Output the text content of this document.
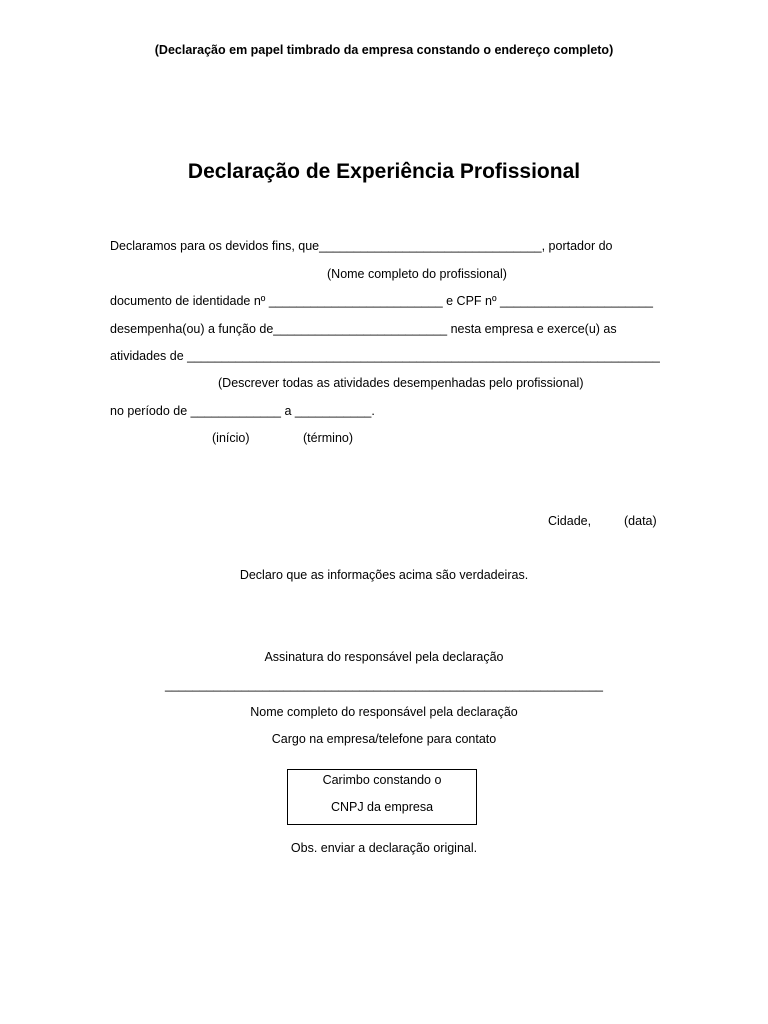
(Declaração em papel timbrado da empresa constando o endereço completo)
Declaração de Experiência Profissional
Declaramos para os devidos fins, que________________________________, portador do
(Nome completo do profissional)
documento de identidade nº _________________________ e CPF nº ______________________
desempenha(ou) a função de_________________________ nesta empresa e exerce(u) as
atividades de ____________________________________________________________________
(Descrever todas as atividades desempenhadas pelo profissional)
no período de _____________ a ___________.
(início)	(término)
Cidade,	(data)
Declaro que as informações acima são verdadeiras.
Assinatura do responsável pela declaração
_______________________________________________________________
Nome completo do responsável pela declaração
Cargo na empresa/telefone para contato
Carimbo constando o
CNPJ da empresa
Obs. enviar a declaração original.
